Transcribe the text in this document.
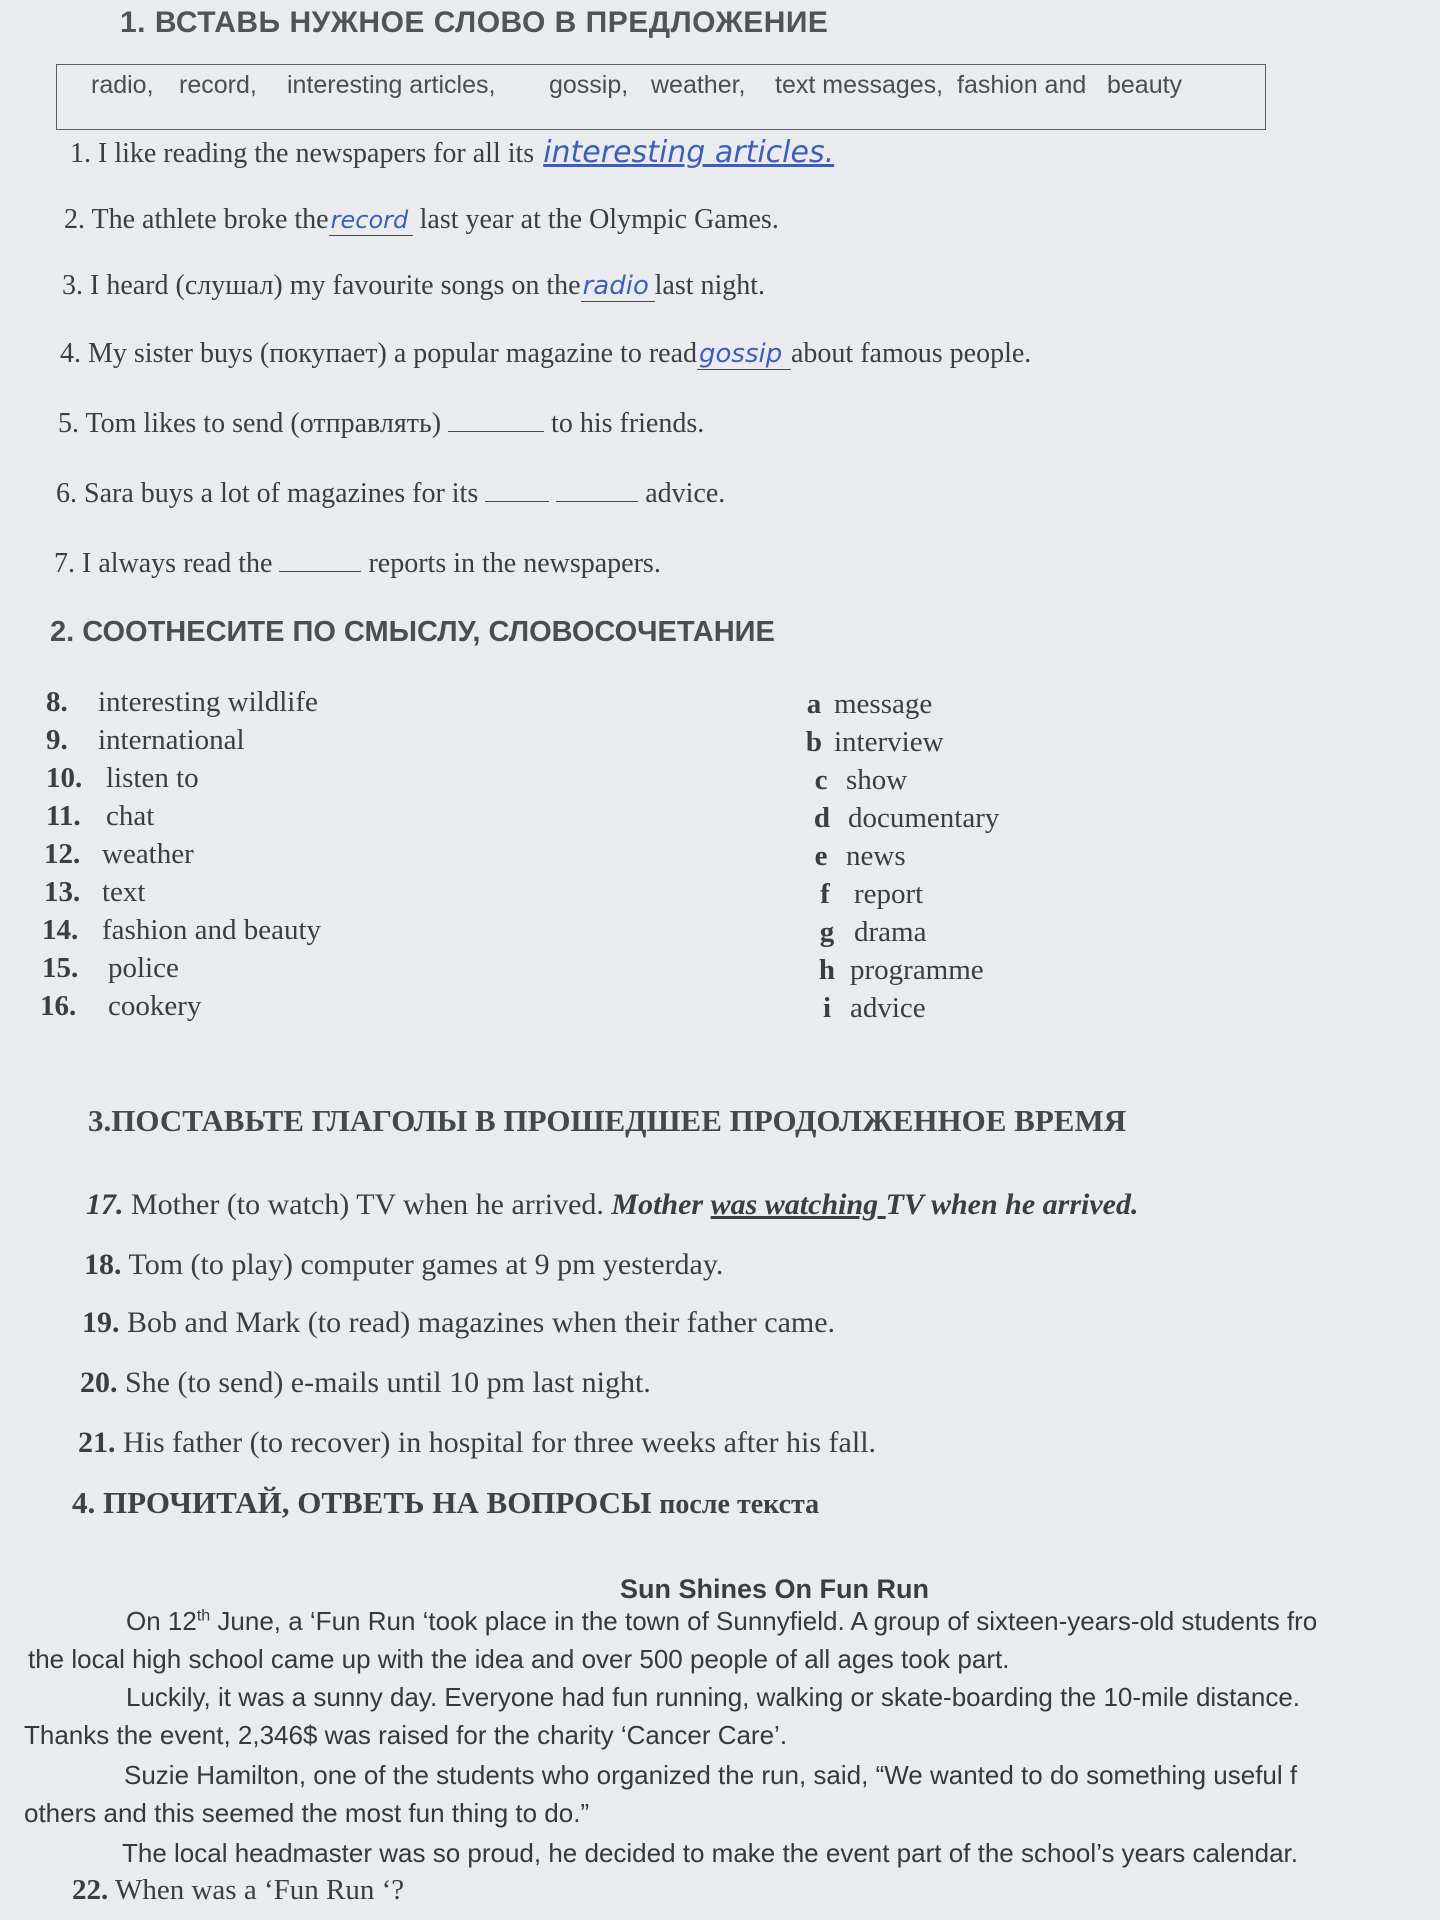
1. ВСТАВЬ НУЖНОЕ СЛОВО В ПРЕДЛОЖЕНИЕ
radio, record, interesting articles, gossip, weather, text messages, fashion and beauty
1. I like reading the newspapers for all its interesting articles.
2. The athlete broke therecord last year at the Olympic Games.
3. I heard (слушал) my favourite songs on theradio last night.
4. My sister buys (покупает) a popular magazine to readgossip about famous people.
5. Tom likes to send (отправлять)	to his friends.
6. Sara buys a lot of magazines for its	advice.
7. I always read the	reports in the newspapers.
2. СООТНЕСИТЕ ПО СМЫСЛУ, СЛОВОСОЧЕТАНИЕ
8. interesting wildlife
9. international
10. listen to
11. chat
12. weather
13. text
14. fashion and beauty
15. police
16. cookery
a message
b interview
c show
d documentary
e news
f report
g drama
h programme
i advice
3.ПОСТАВЬТЕ ГЛАГОЛЫ В ПРОШЕДШЕЕ ПРОДОЛЖЕННОЕ ВРЕМЯ
17. Mother (to watch) TV when he arrived. Mother was watching TV when he arrived.
18. Tom (to play) computer games at 9 pm yesterday.
19. Bob and Mark (to read) magazines when their father came.
20. She (to send) e-mails until 10 pm last night.
21. His father (to recover) in hospital for three weeks after his fall.
4. ПРОЧИТАЙ, ОТВЕТЬ НА ВОПРОСЫ после текста
Sun Shines On Fun Run
On 12th June, a ‘Fun Run ‘took place in the town of Sunnyfield. A group of sixteen-years-old students fro
the local high school came up with the idea and over 500 people of all ages took part.
Luckily, it was a sunny day. Everyone had fun running, walking or skate-boarding the 10-mile distance.
Thanks the event, 2,346$ was raised for the charity ‘Cancer Care’.
Suzie Hamilton, one of the students who organized the run, said, “We wanted to do something useful f
others and this seemed the most fun thing to do.”
The local headmaster was so proud, he decided to make the event part of the school’s years calendar.
22. When was a ‘Fun Run ‘?
